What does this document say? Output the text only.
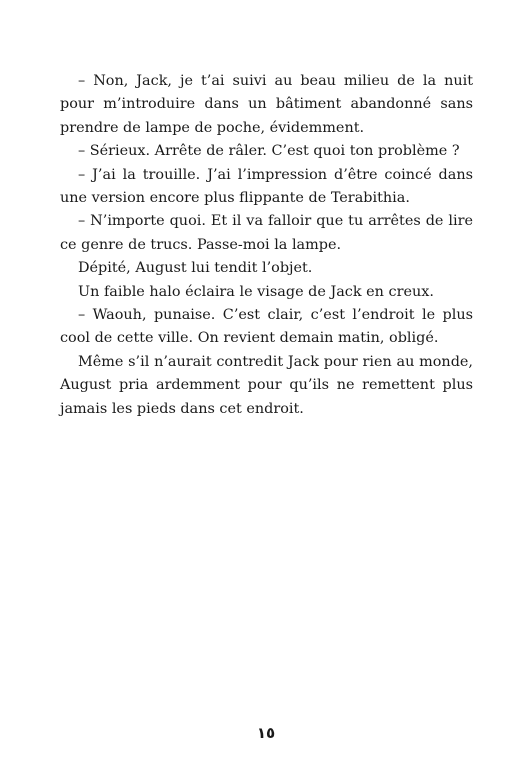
– Non, Jack, je t’ai suivi au beau milieu de la nuit pour m’introduire dans un bâtiment abandonné sans prendre de lampe de poche, évidemment.

– Sérieux. Arrête de râler. C’est quoi ton problème ?

– J’ai la trouille. J’ai l’impression d’être coincé dans une version encore plus flippante de Terabithia.

– N’importe quoi. Et il va falloir que tu arrêtes de lire ce genre de trucs. Passe-moi la lampe.

Dépité, August lui tendit l’objet.

Un faible halo éclaira le visage de Jack en creux.

– Waouh, punaise. C’est clair, c’est l’endroit le plus cool de cette ville. On revient demain matin, obligé.

Même s’il n’aurait contredit Jack pour rien au monde, August pria ardemment pour qu’ils ne remettent plus jamais les pieds dans cet endroit.

١٥
